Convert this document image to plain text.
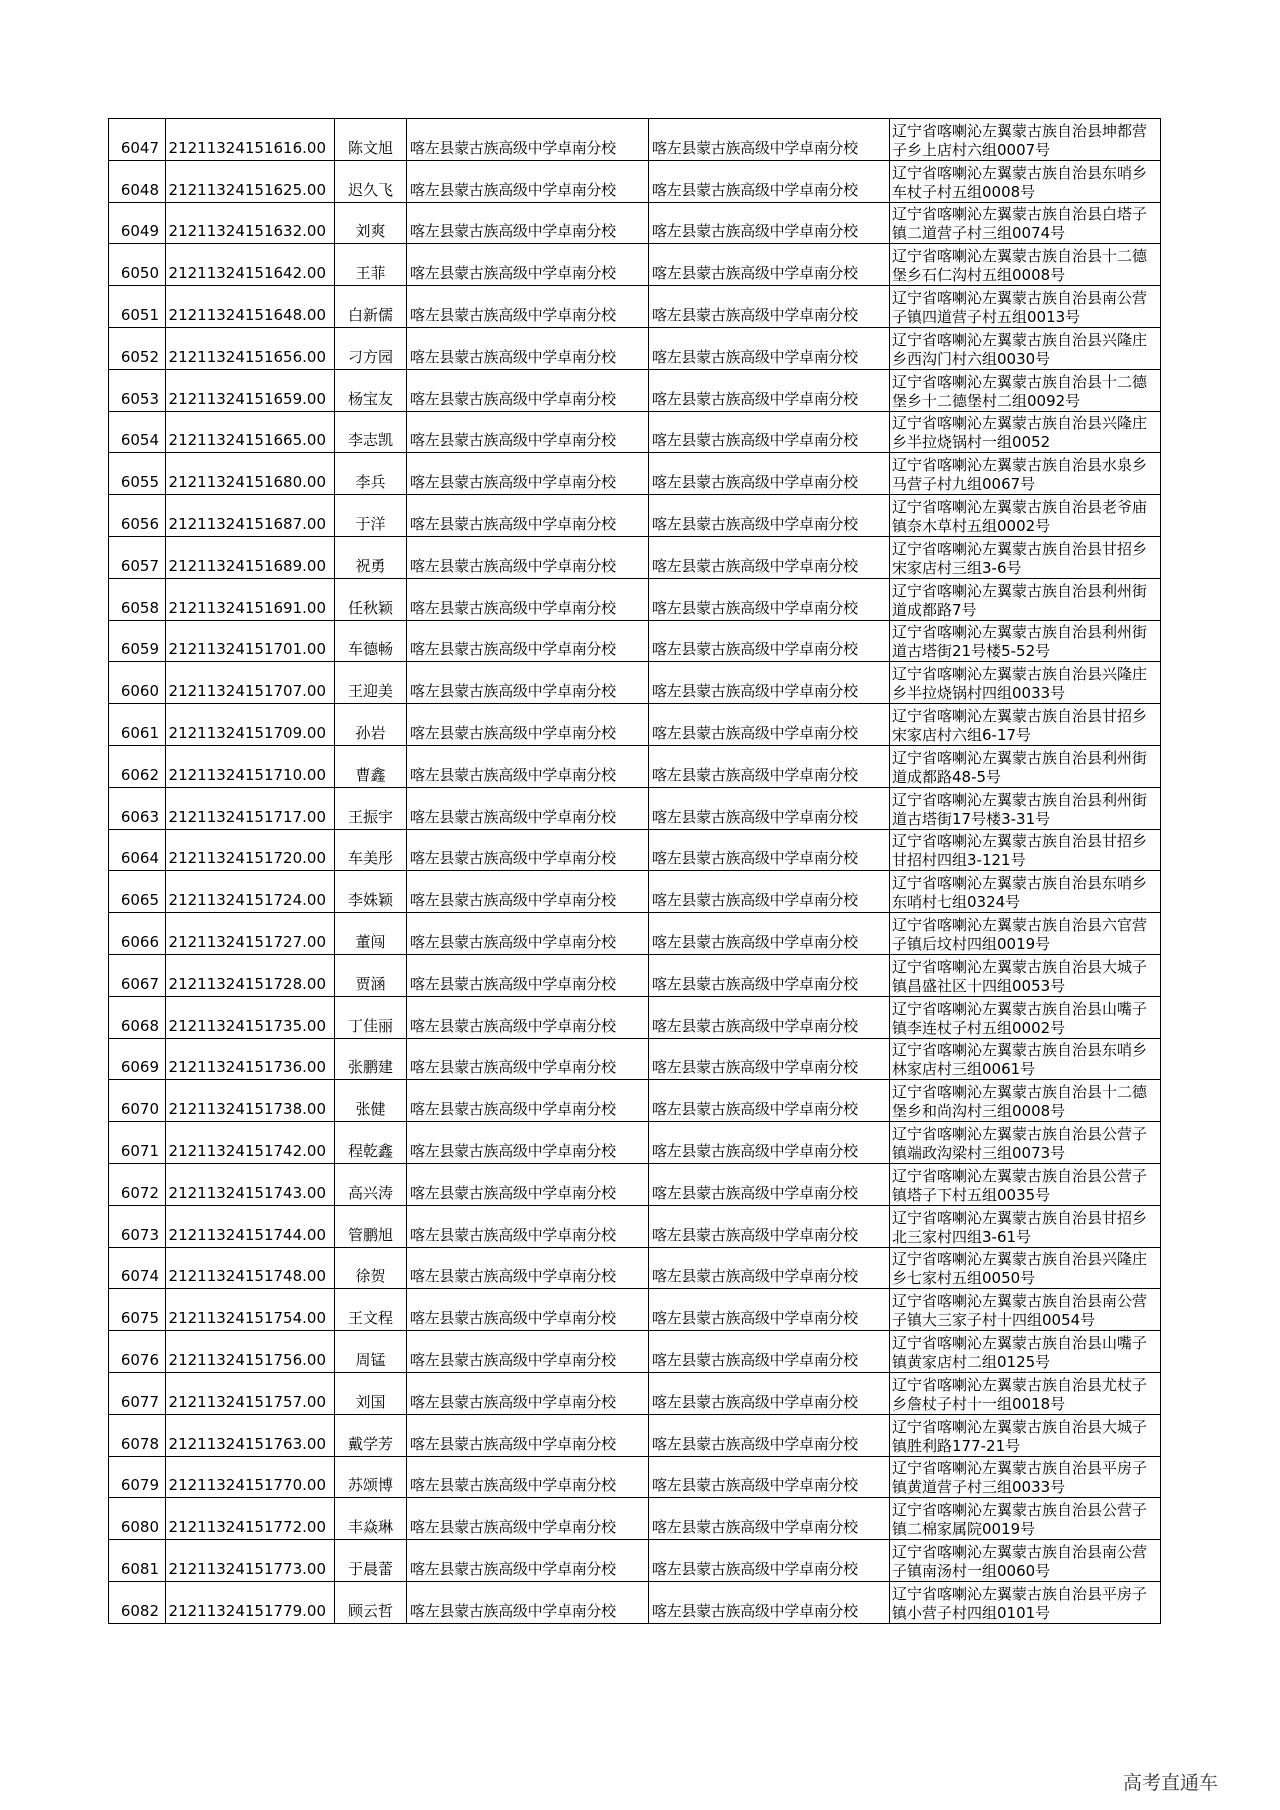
6047	21211324151616.00	陈文旭	喀左县蒙古族高级中学卓南分校	喀左县蒙古族高级中学卓南分校	辽宁省喀喇沁左翼蒙古族自治县坤都营子乡上店村六组0007号
6048	21211324151625.00	迟久飞	喀左县蒙古族高级中学卓南分校	喀左县蒙古族高级中学卓南分校	辽宁省喀喇沁左翼蒙古族自治县东哨乡车杖子村五组0008号
6049	21211324151632.00	刘爽	喀左县蒙古族高级中学卓南分校	喀左县蒙古族高级中学卓南分校	辽宁省喀喇沁左翼蒙古族自治县白塔子镇二道营子村三组0074号
6050	21211324151642.00	王菲	喀左县蒙古族高级中学卓南分校	喀左县蒙古族高级中学卓南分校	辽宁省喀喇沁左翼蒙古族自治县十二德堡乡石仁沟村五组0008号
6051	21211324151648.00	白新儒	喀左县蒙古族高级中学卓南分校	喀左县蒙古族高级中学卓南分校	辽宁省喀喇沁左翼蒙古族自治县南公营子镇四道营子村五组0013号
6052	21211324151656.00	刁方园	喀左县蒙古族高级中学卓南分校	喀左县蒙古族高级中学卓南分校	辽宁省喀喇沁左翼蒙古族自治县兴隆庄乡西沟门村六组0030号
6053	21211324151659.00	杨宝友	喀左县蒙古族高级中学卓南分校	喀左县蒙古族高级中学卓南分校	辽宁省喀喇沁左翼蒙古族自治县十二德堡乡十二德堡村二组0092号
6054	21211324151665.00	李志凯	喀左县蒙古族高级中学卓南分校	喀左县蒙古族高级中学卓南分校	辽宁省喀喇沁左翼蒙古族自治县兴隆庄乡半拉烧锅村一组0052
6055	21211324151680.00	李兵	喀左县蒙古族高级中学卓南分校	喀左县蒙古族高级中学卓南分校	辽宁省喀喇沁左翼蒙古族自治县水泉乡马营子村九组0067号
6056	21211324151687.00	于洋	喀左县蒙古族高级中学卓南分校	喀左县蒙古族高级中学卓南分校	辽宁省喀喇沁左翼蒙古族自治县老爷庙镇奈木草村五组0002号
6057	21211324151689.00	祝勇	喀左县蒙古族高级中学卓南分校	喀左县蒙古族高级中学卓南分校	辽宁省喀喇沁左翼蒙古族自治县甘招乡宋家店村三组3-6号
6058	21211324151691.00	任秋颖	喀左县蒙古族高级中学卓南分校	喀左县蒙古族高级中学卓南分校	辽宁省喀喇沁左翼蒙古族自治县利州街道成都路7号
6059	21211324151701.00	车德畅	喀左县蒙古族高级中学卓南分校	喀左县蒙古族高级中学卓南分校	辽宁省喀喇沁左翼蒙古族自治县利州街道古塔街21号楼5-52号
6060	21211324151707.00	王迎美	喀左县蒙古族高级中学卓南分校	喀左县蒙古族高级中学卓南分校	辽宁省喀喇沁左翼蒙古族自治县兴隆庄乡半拉烧锅村四组0033号
6061	21211324151709.00	孙岩	喀左县蒙古族高级中学卓南分校	喀左县蒙古族高级中学卓南分校	辽宁省喀喇沁左翼蒙古族自治县甘招乡宋家店村六组6-17号
6062	21211324151710.00	曹鑫	喀左县蒙古族高级中学卓南分校	喀左县蒙古族高级中学卓南分校	辽宁省喀喇沁左翼蒙古族自治县利州街道成都路48-5号
6063	21211324151717.00	王振宇	喀左县蒙古族高级中学卓南分校	喀左县蒙古族高级中学卓南分校	辽宁省喀喇沁左翼蒙古族自治县利州街道古塔街17号楼3-31号
6064	21211324151720.00	车美彤	喀左县蒙古族高级中学卓南分校	喀左县蒙古族高级中学卓南分校	辽宁省喀喇沁左翼蒙古族自治县甘招乡甘招村四组3-121号
6065	21211324151724.00	李姝颖	喀左县蒙古族高级中学卓南分校	喀左县蒙古族高级中学卓南分校	辽宁省喀喇沁左翼蒙古族自治县东哨乡东哨村七组0324号
6066	21211324151727.00	董闯	喀左县蒙古族高级中学卓南分校	喀左县蒙古族高级中学卓南分校	辽宁省喀喇沁左翼蒙古族自治县六官营子镇后坟村四组0019号
6067	21211324151728.00	贾涵	喀左县蒙古族高级中学卓南分校	喀左县蒙古族高级中学卓南分校	辽宁省喀喇沁左翼蒙古族自治县大城子镇昌盛社区十四组0053号
6068	21211324151735.00	丁佳丽	喀左县蒙古族高级中学卓南分校	喀左县蒙古族高级中学卓南分校	辽宁省喀喇沁左翼蒙古族自治县山嘴子镇李连杖子村五组0002号
6069	21211324151736.00	张鹏建	喀左县蒙古族高级中学卓南分校	喀左县蒙古族高级中学卓南分校	辽宁省喀喇沁左翼蒙古族自治县东哨乡林家店村三组0061号
6070	21211324151738.00	张健	喀左县蒙古族高级中学卓南分校	喀左县蒙古族高级中学卓南分校	辽宁省喀喇沁左翼蒙古族自治县十二德堡乡和尚沟村三组0008号
6071	21211324151742.00	程乾鑫	喀左县蒙古族高级中学卓南分校	喀左县蒙古族高级中学卓南分校	辽宁省喀喇沁左翼蒙古族自治县公营子镇端政沟梁村三组0073号
6072	21211324151743.00	高兴涛	喀左县蒙古族高级中学卓南分校	喀左县蒙古族高级中学卓南分校	辽宁省喀喇沁左翼蒙古族自治县公营子镇塔子下村五组0035号
6073	21211324151744.00	管鹏旭	喀左县蒙古族高级中学卓南分校	喀左县蒙古族高级中学卓南分校	辽宁省喀喇沁左翼蒙古族自治县甘招乡北三家村四组3-61号
6074	21211324151748.00	徐贺	喀左县蒙古族高级中学卓南分校	喀左县蒙古族高级中学卓南分校	辽宁省喀喇沁左翼蒙古族自治县兴隆庄乡七家村五组0050号
6075	21211324151754.00	王文程	喀左县蒙古族高级中学卓南分校	喀左县蒙古族高级中学卓南分校	辽宁省喀喇沁左翼蒙古族自治县南公营子镇大三家子村十四组0054号
6076	21211324151756.00	周锰	喀左县蒙古族高级中学卓南分校	喀左县蒙古族高级中学卓南分校	辽宁省喀喇沁左翼蒙古族自治县山嘴子镇黄家店村二组0125号
6077	21211324151757.00	刘国	喀左县蒙古族高级中学卓南分校	喀左县蒙古族高级中学卓南分校	辽宁省喀喇沁左翼蒙古族自治县尤杖子乡詹杖子村十一组0018号
6078	21211324151763.00	戴学芳	喀左县蒙古族高级中学卓南分校	喀左县蒙古族高级中学卓南分校	辽宁省喀喇沁左翼蒙古族自治县大城子镇胜利路177-21号
6079	21211324151770.00	苏颂博	喀左县蒙古族高级中学卓南分校	喀左县蒙古族高级中学卓南分校	辽宁省喀喇沁左翼蒙古族自治县平房子镇黄道营子村三组0033号
6080	21211324151772.00	丰焱琳	喀左县蒙古族高级中学卓南分校	喀左县蒙古族高级中学卓南分校	辽宁省喀喇沁左翼蒙古族自治县公营子镇二棉家属院0019号
6081	21211324151773.00	于晨蕾	喀左县蒙古族高级中学卓南分校	喀左县蒙古族高级中学卓南分校	辽宁省喀喇沁左翼蒙古族自治县南公营子镇南汤村一组0060号
6082	21211324151779.00	顾云哲	喀左县蒙古族高级中学卓南分校	喀左县蒙古族高级中学卓南分校	辽宁省喀喇沁左翼蒙古族自治县平房子镇小营子村四组0101号
高考直通车
